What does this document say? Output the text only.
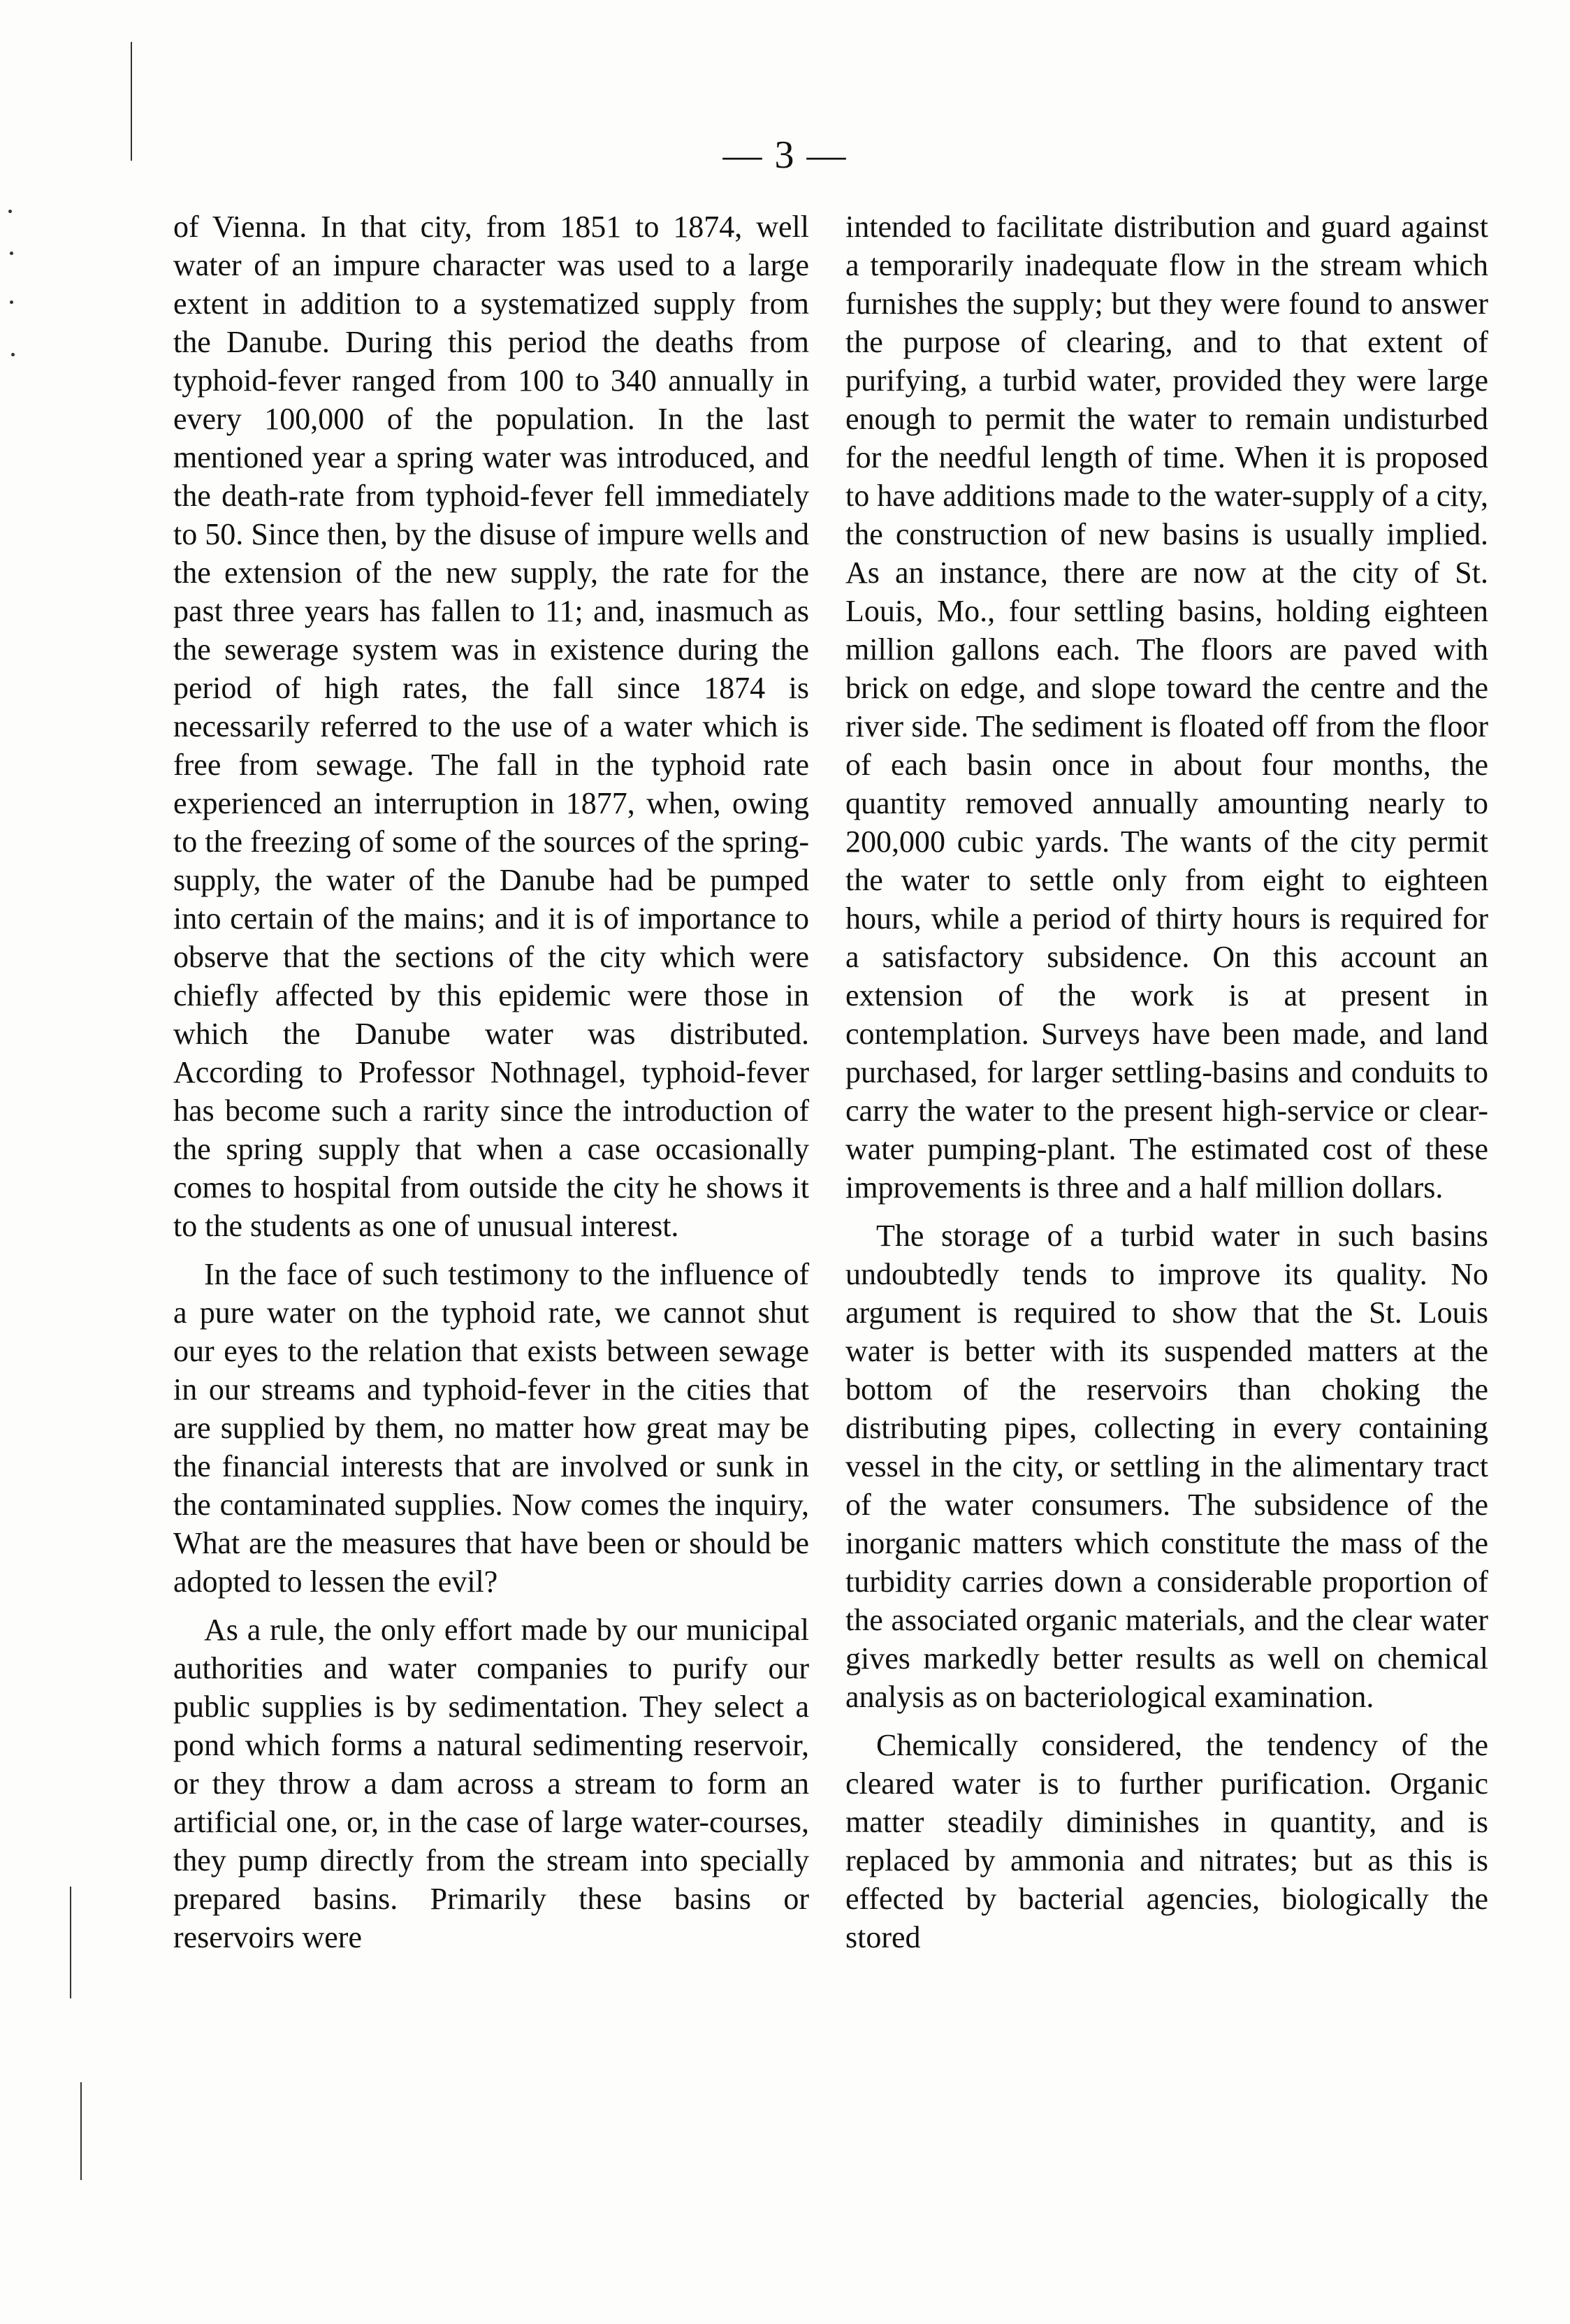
— 3 —

of Vienna. In that city, from 1851 to 1874, well water of an impure character was used to a large extent in addition to a systematized supply from the Danube. During this period the deaths from typhoid-fever ranged from 100 to 340 annually in every 100,000 of the population. In the last mentioned year a spring water was introduced, and the death-rate from typhoid-fever fell immediately to 50. Since then, by the disuse of impure wells and the extension of the new supply, the rate for the past three years has fallen to 11; and, inasmuch as the sewerage system was in existence during the period of high rates, the fall since 1874 is necessarily referred to the use of a water which is free from sewage. The fall in the typhoid rate experienced an interruption in 1877, when, owing to the freezing of some of the sources of the spring-supply, the water of the Danube had be pumped into certain of the mains; and it is of importance to observe that the sections of the city which were chiefly affected by this epidemic were those in which the Danube water was distributed. According to Professor Nothnagel, typhoid-fever has become such a rarity since the introduction of the spring supply that when a case occasionally comes to hospital from outside the city he shows it to the students as one of unusual interest.

In the face of such testimony to the influence of a pure water on the typhoid rate, we cannot shut our eyes to the relation that exists between sewage in our streams and typhoid-fever in the cities that are supplied by them, no matter how great may be the financial interests that are involved or sunk in the contaminated supplies. Now comes the inquiry, What are the measures that have been or should be adopted to lessen the evil?

As a rule, the only effort made by our municipal authorities and water companies to purify our public supplies is by sedimentation. They select a pond which forms a natural sedimenting reservoir, or they throw a dam across a stream to form an artificial one, or, in the case of large water-courses, they pump directly from the stream into specially prepared basins. Primarily these basins or reservoirs were

intended to facilitate distribution and guard against a temporarily inadequate flow in the stream which furnishes the supply; but they were found to answer the purpose of clearing, and to that extent of purifying, a turbid water, provided they were large enough to permit the water to remain undisturbed for the needful length of time. When it is proposed to have additions made to the water-supply of a city, the construction of new basins is usually implied. As an instance, there are now at the city of St. Louis, Mo., four settling basins, holding eighteen million gallons each. The floors are paved with brick on edge, and slope toward the centre and the river side. The sediment is floated off from the floor of each basin once in about four months, the quantity removed annually amounting nearly to 200,000 cubic yards. The wants of the city permit the water to settle only from eight to eighteen hours, while a period of thirty hours is required for a satisfactory subsidence. On this account an extension of the work is at present in contemplation. Surveys have been made, and land purchased, for larger settling-basins and conduits to carry the water to the present high-service or clear-water pumping-plant. The estimated cost of these improvements is three and a half million dollars.

The storage of a turbid water in such basins undoubtedly tends to improve its quality. No argument is required to show that the St. Louis water is better with its suspended matters at the bottom of the reservoirs than choking the distributing pipes, collecting in every containing vessel in the city, or settling in the alimentary tract of the water consumers. The subsidence of the inorganic matters which constitute the mass of the turbidity carries down a considerable proportion of the associated organic materials, and the clear water gives markedly better results as well on chemical analysis as on bacteriological examination.

Chemically considered, the tendency of the cleared water is to further purification. Organic matter steadily diminishes in quantity, and is replaced by ammonia and nitrates; but as this is effected by bacterial agencies, biologically the stored
